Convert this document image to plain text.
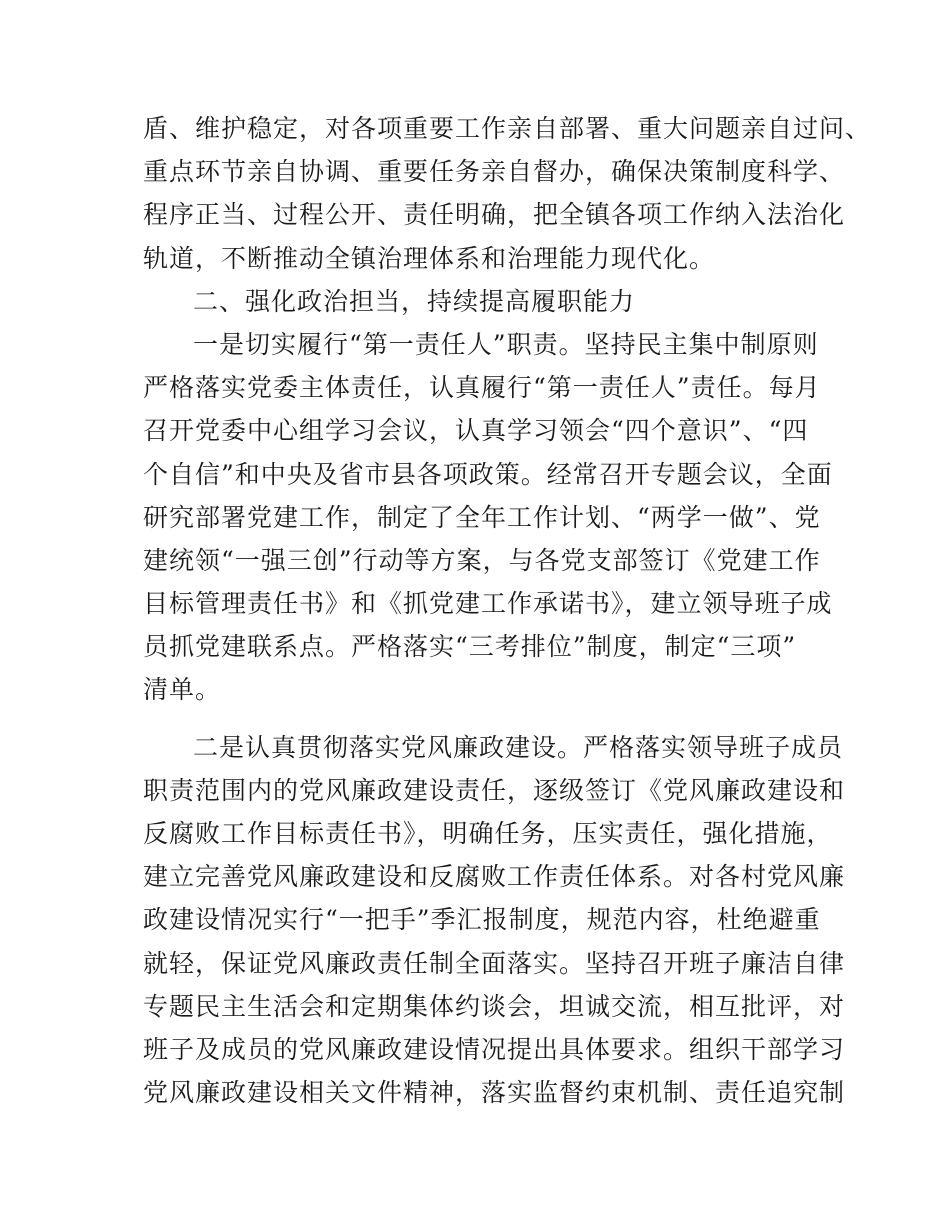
盾、维护稳定，对各项重要工作亲自部署、重大问题亲自过问、
重点环节亲自协调、重要任务亲自督办，确保决策制度科学、
程序正当、过程公开、责任明确，把全镇各项工作纳入法治化
轨道，不断推动全镇治理体系和治理能力现代化。
二、强化政治担当，持续提高履职能力
一是切实履行“第一责任人”职责。坚持民主集中制原则
严格落实党委主体责任，认真履行“第一责任人”责任。每月
召开党委中心组学习会议，认真学习领会“四个意识”、“四
个自信”和中央及省市县各项政策。经常召开专题会议，全面
研究部署党建工作，制定了全年工作计划、“两学一做”、党
建统领“一强三创”行动等方案，与各党支部签订《党建工作
目标管理责任书》和《抓党建工作承诺书》，建立领导班子成
员抓党建联系点。严格落实“三考排位”制度，制定“三项”
清单。
二是认真贯彻落实党风廉政建设。严格落实领导班子成员
职责范围内的党风廉政建设责任，逐级签订《党风廉政建设和
反腐败工作目标责任书》，明确任务，压实责任，强化措施，
建立完善党风廉政建设和反腐败工作责任体系。对各村党风廉
政建设情况实行“一把手”季汇报制度，规范内容，杜绝避重
就轻，保证党风廉政责任制全面落实。坚持召开班子廉洁自律
专题民主生活会和定期集体约谈会，坦诚交流，相互批评，对
班子及成员的党风廉政建设情况提出具体要求。组织干部学习
党风廉政建设相关文件精神，落实监督约束机制、责任追究制
